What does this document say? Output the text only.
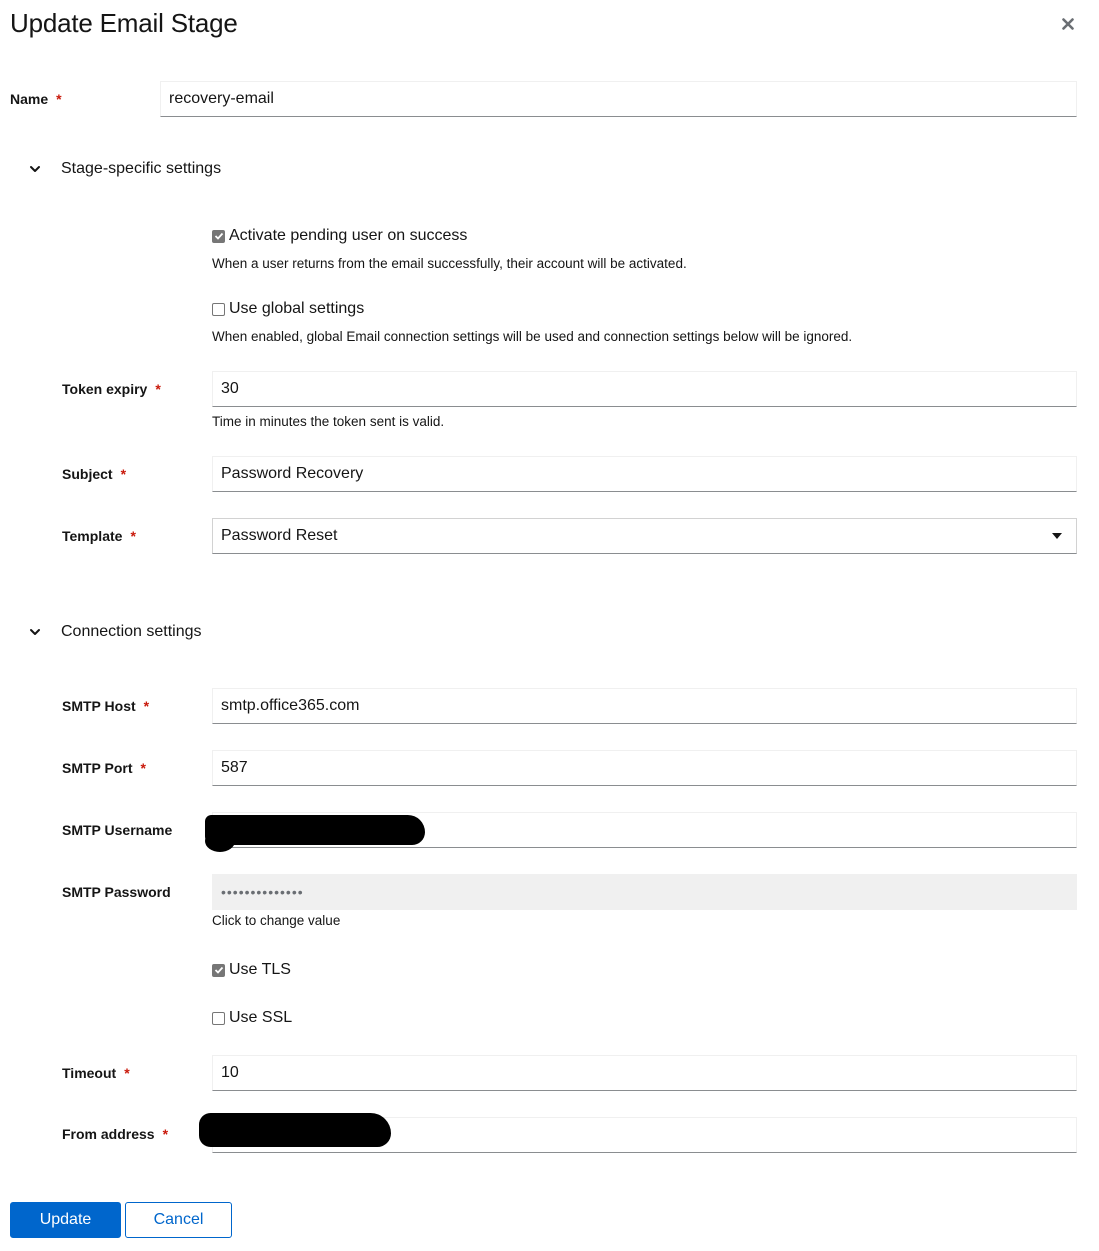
Update Email Stage
Name *	recovery-email
Stage-specific settings
Activate pending user on success
When a user returns from the email successfully, their account will be activated.
Use global settings
When enabled, global Email connection settings will be used and connection settings below will be ignored.
Token expiry *	30
Time in minutes the token sent is valid.
Subject *	Password Recovery
Template *	Password Reset
Connection settings
SMTP Host *	smtp.office365.com
SMTP Port *	587
SMTP Username
SMTP Password	••••••••••••••
Click to change value
Use TLS
Use SSL
Timeout *	10
From address *
Update	Cancel
